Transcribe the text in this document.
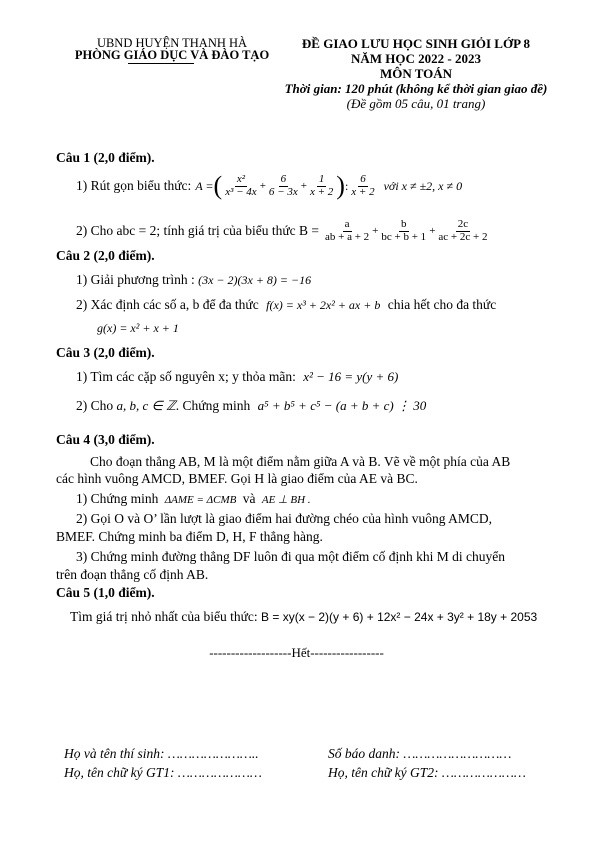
UBND HUYỆN THANH HÀ
PHÒNG GIÁO DỤC VÀ ĐÀO TẠO
ĐỀ GIAO LƯU HỌC SINH GIỎI LỚP 8
NĂM HỌC 2022 - 2023
MÔN TOÁN
Thời gian: 120 phút (không kể thời gian giao đề)
(Đề gồm 05 câu, 01 trang)
Câu 1 (2,0 điểm).
1) Rút gọn biểu thức: A = ( $\frac{\text{x²}}{\text{x³ − 4x}} + \frac{6}{6 - 3x} + \frac{1}{x + 2}$ ) : $\frac{6}{x + 2}$ với x ≠ ±2, x ≠ 0
2) Cho abc = 2; tính giá trị của biểu thức $B = \frac{a}{ab + a + 2} + \frac{b}{bc + b + 1} + \frac{2c}{ac + 2c + 2}$
Câu 2 (2,0 điểm).
1) Giải phương trình : (3x − 2)(3x + 8) = −16
2) Xác định các số a, b để đa thức f(x) = x³ + 2x² + ax + b chia hết cho đa thức
g(x) = x² + x + 1
Câu 3 (2,0 điểm).
1) Tìm các cặp số nguyên x; y thỏa mãn: x² − 16 = y(y + 6)
2) Cho a, b, c ∈ ℤ. Chứng minh a⁵ + b⁵ + c⁵ − (a + b + c) ⋮ 30
Câu 4 (3,0 điểm).
Cho đoạn thẳng AB, M là một điểm nằm giữa A và B. Vẽ về một phía của AB
các hình vuông AMCD, BMEF. Gọi H là giao điểm của AE và BC.
1) Chứng minh ΔAME = ΔCMB và AE ⊥ BH .
2) Gọi O và O’ lần lượt là giao điểm hai đường chéo của hình vuông AMCD,
BMEF. Chứng minh ba điểm D, H, F thẳng hàng.
3) Chứng minh đường thẳng DF luôn đi qua một điểm cố định khi M di chuyển
trên đoạn thẳng cố định AB.
Câu 5 (1,0 điểm).
Tìm giá trị nhỏ nhất của biểu thức: B = xy(x − 2)(y + 6) + 12x² − 24x + 3y² + 18y + 2053
-------------------Hết-----------------
Họ và tên thí sinh: …………………..	Số báo danh: ………………………
Họ, tên chữ ký GT1: …………………	Họ, tên chữ ký GT2: …………………
